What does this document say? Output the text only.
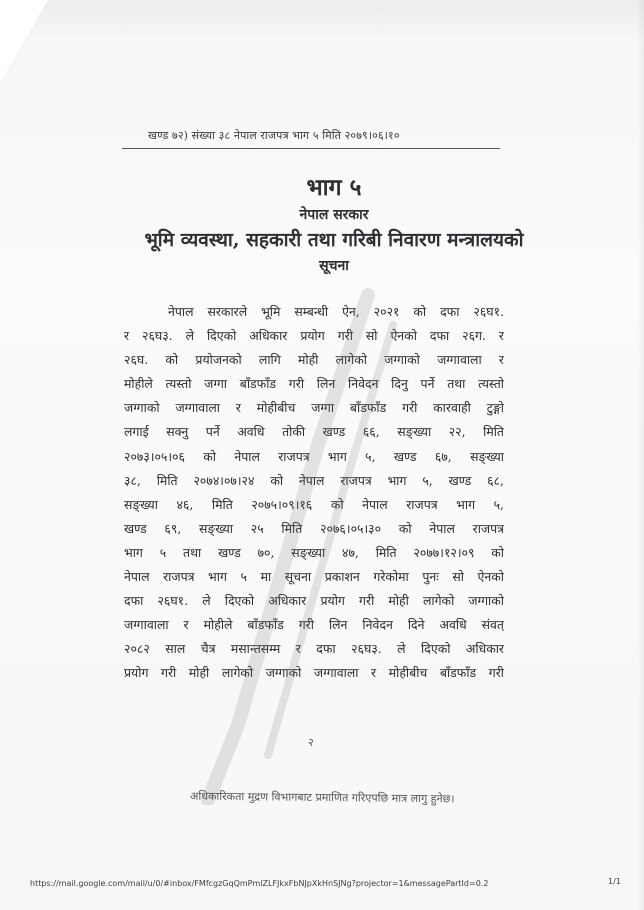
खण्ड ७२) संख्या ३८ नेपाल राजपत्र भाग ५ मिति २०७९।०६।१०
भाग ५
नेपाल सरकार
भूमि व्यवस्था, सहकारी तथा गरिबी निवारण मन्त्रालयको
सूचना
नेपाल सरकारले भूमि सम्बन्धी ऐन, २०२१ को दफा २६घ१.
र २६घ३. ले दिएको अधिकार प्रयोग गरी सो ऐनको दफा २६ग. र
२६घ. को प्रयोजनको लागि मोही लागेको जग्गाको जग्गावाला र
मोहीले त्यस्तो जग्गा बाँडफाँड गरी लिन निवेदन दिनु पर्ने तथा त्यस्तो
जग्गाको जग्गावाला र मोहीबीच जग्गा बाँडफाँड गरी कारवाही टुङ्गो
लगाई सक्नु पर्ने अवधि तोकी खण्ड ६६, सङ्ख्या २२, मिति
२०७३।०५।०६ को नेपाल राजपत्र भाग ५, खण्ड ६७, सङ्ख्या
३८, मिति २०७४।०७।२४ को नेपाल राजपत्र भाग ५, खण्ड ६८,
सङ्ख्या ४६, मिति २०७५।०९।१६ को नेपाल राजपत्र भाग ५,
खण्ड ६९, सङ्ख्या २५ मिति २०७६।०५।३० को नेपाल राजपत्र
भाग ५ तथा खण्ड ७०, सङ्ख्या ४७, मिति २०७७।१२।०९ को
नेपाल राजपत्र भाग ५ मा सूचना प्रकाशन गरेकोमा पुनः सो ऐनको
दफा २६घ१. ले दिएको अधिकार प्रयोग गरी मोही लागेको जग्गाको
जग्गावाला र मोहीले बाँडफाँड गरी लिन निवेदन दिने अवधि संवत्
२०८२ साल चैत्र मसान्तसम्म र दफा २६घ३. ले दिएको अधिकार
प्रयोग गरी मोही लागेको जग्गाको जग्गावाला र मोहीबीच बाँडफाँड गरी
२
अधिकारिकता मुद्रण विभागबाट प्रमाणित गरिएपछि मात्र लागु हुनेछ।
https://mail.google.com/mail/u/0/#inbox/FMfcgzGqQmPmlZLFJkxFbNJpXkHnSJNg?projector=1&messagePartId=0.2	1/1
